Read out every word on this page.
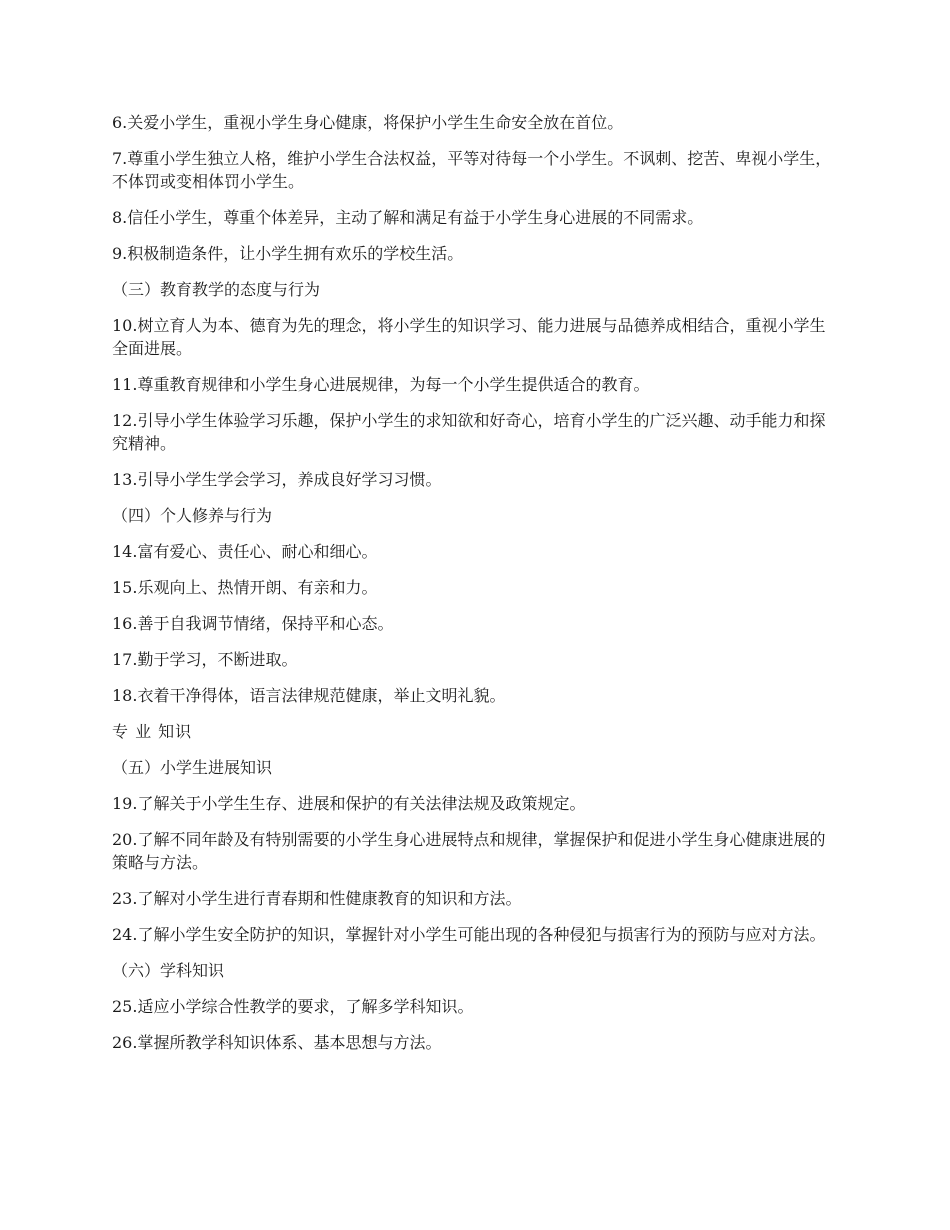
6.关爱小学生，重视小学生身心健康，将保护小学生生命安全放在首位。

7.尊重小学生独立人格，维护小学生合法权益，平等对待每一个小学生。不讽刺、挖苦、卑视小学生，不体罚或变相体罚小学生。

8.信任小学生，尊重个体差异，主动了解和满足有益于小学生身心进展的不同需求。

9.积极制造条件，让小学生拥有欢乐的学校生活。

（三）教育教学的态度与行为

10.树立育人为本、德育为先的理念，将小学生的知识学习、能力进展与品德养成相结合，重视小学生全面进展。

11.尊重教育规律和小学生身心进展规律，为每一个小学生提供适合的教育。

12.引导小学生体验学习乐趣，保护小学生的求知欲和好奇心，培育小学生的广泛兴趣、动手能力和探究精神。

13.引导小学生学会学习，养成良好学习习惯。

（四）个人修养与行为

14.富有爱心、责任心、耐心和细心。

15.乐观向上、热情开朗、有亲和力。

16.善于自我调节情绪，保持平和心态。

17.勤于学习，不断进取。

18.衣着干净得体，语言法律规范健康，举止文明礼貌。

专 业 知识

（五）小学生进展知识

19.了解关于小学生生存、进展和保护的有关法律法规及政策规定。

20.了解不同年龄及有特别需要的小学生身心进展特点和规律，掌握保护和促进小学生身心健康进展的策略与方法。

23.了解对小学生进行青春期和性健康教育的知识和方法。

24.了解小学生安全防护的知识，掌握针对小学生可能出现的各种侵犯与损害行为的预防与应对方法。

（六）学科知识

25.适应小学综合性教学的要求，了解多学科知识。

26.掌握所教学科知识体系、基本思想与方法。
